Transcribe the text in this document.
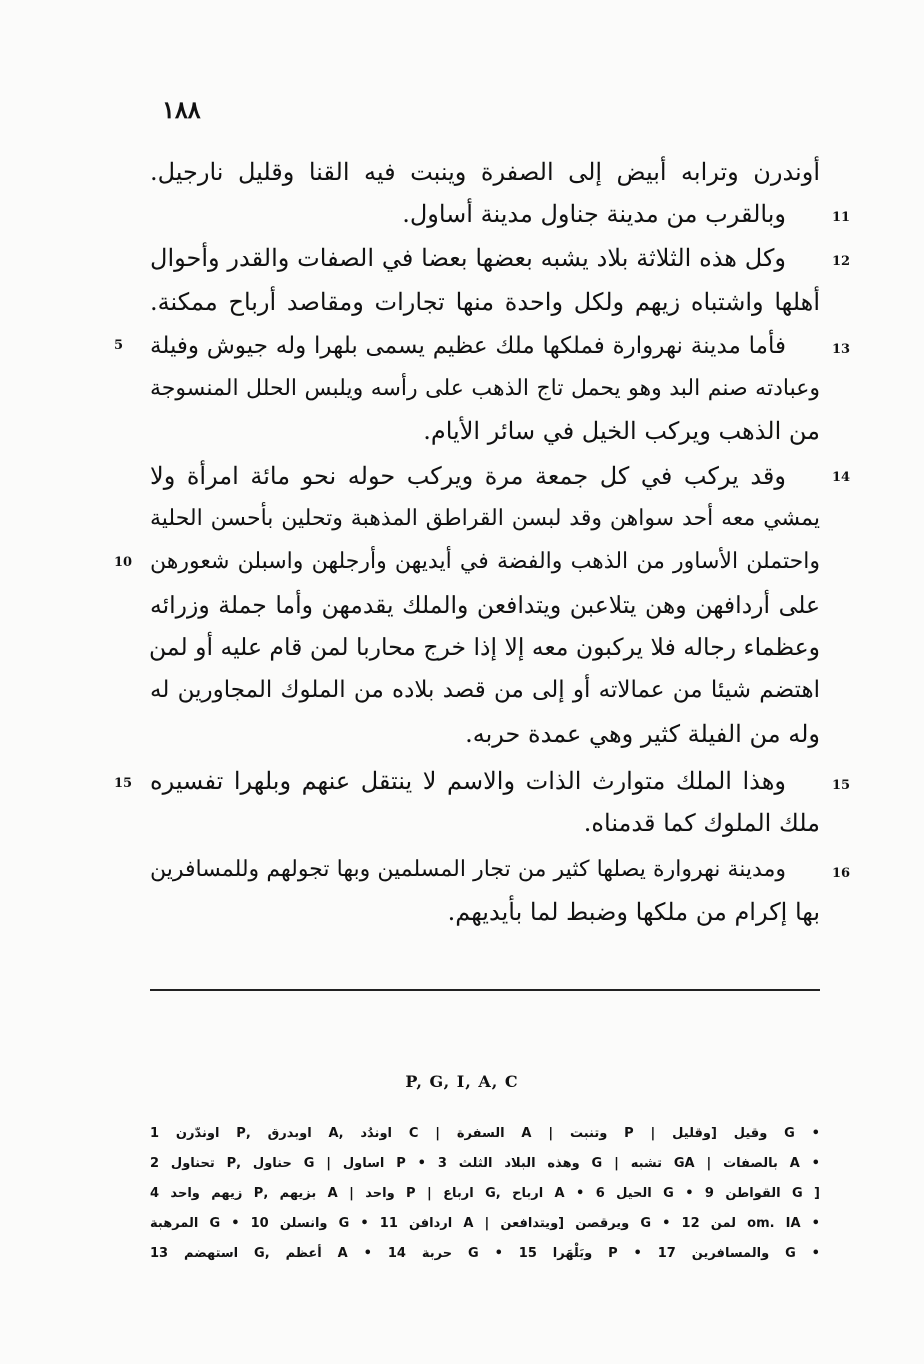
١٨٨
أوندرن وترابه أبيض إلى الصفرة وينبت فيه القنا وقليل نارجيل.
وبالقرب من مدينة جناول مدينة أساول.
وكل هذه الثلاثة بلاد يشبه بعضها بعضا في الصفات والقدر وأحوال
أهلها واشتباه زيهم ولكل واحدة منها تجارات ومقاصد أرباح ممكنة.
فأما مدينة نهروارة فملكها ملك عظيم يسمى بلهرا وله جيوش وفيلة
وعبادته صنم البد وهو يحمل تاج الذهب على رأسه ويلبس الحلل المنسوجة
من الذهب ويركب الخيل في سائر الأيام.
وقد يركب في كل جمعة مرة ويركب حوله نحو مائة امرأة ولا
يمشي معه أحد سواهن وقد لبسن القراطق المذهبة وتحلين بأحسن الحلية
واحتملن الأساور من الذهب والفضة في أيديهن وأرجلهن واسبلن شعورهن
على أردافهن وهن يتلاعبن ويتدافعن والملك يقدمهن وأما جملة وزرائه
وعظماء رجاله فلا يركبون معه إلا إذا خرج محاربا لمن قام عليه أو لمن
اهتضم شيئا من عمالاته أو إلى من قصد بلاده من الملوك المجاورين له
وله من الفيلة كثير وهي عمدة حربه.
وهذا الملك متوارث الذات والاسم لا ينتقل عنهم وبلهرا تفسيره
ملك الملوك كما قدمناه.
ومدينة نهروارة يصلها كثير من تجار المسلمين وبها تجولهم وللمسافرين
بها إكرام من ملكها وضبط لما بأيديهم.
11
12
13
14
15
16
5
10
15
P, G, I, A, C
• G وقيل [وقليل | P وتنبت | A السفرة | C اوندُد ,A اوبدرق ,P اوندّرن 1
• A بالصفات | GA تشبه | G وهذه البلاد الثلث 3 • P اساول | G حناول ,P تحناول 2
[ G القواطن 9 • G الحيل 6 • A ارباح ,G ارباع | P واحد | A بزيهم ,P زيهم واحد 4
• om. IA لمن 12 • G ويرقصن [ويتدافعن | A اردافن 11 • G وانسلن 10 • G المرهبة
• G والمسافرين 17 • P وبَلْهَرا 15 • G حربة 14 • A أعظم ,G استهضم 13
